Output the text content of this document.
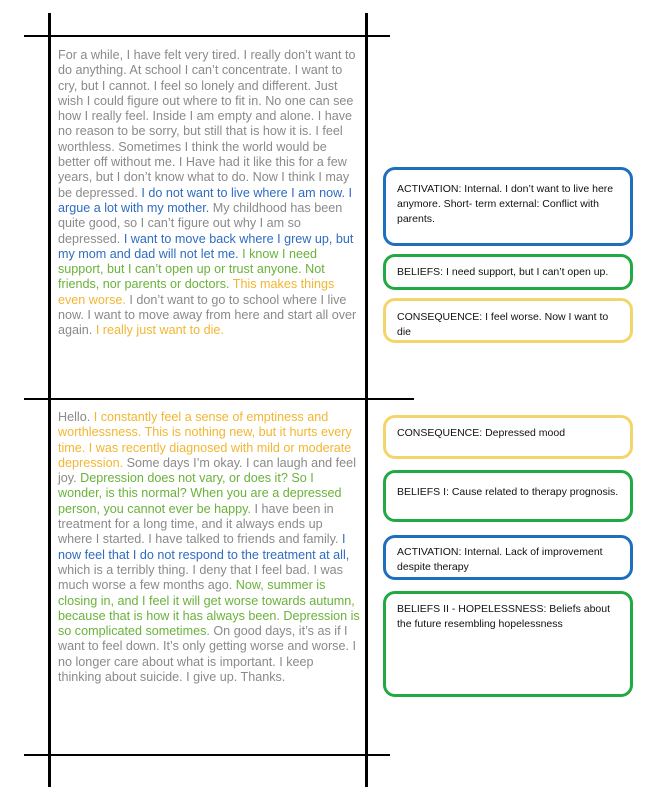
For a while, I have felt very tired. I really don’t want to do anything. At school I can’t concentrate. I want to cry, but I cannot. I feel so lonely and different. Just wish I could figure out where to fit in. No one can see how I really feel. Inside I am empty and alone. I have no reason to be sorry, but still that is how it is. I feel worthless. Sometimes I think the world would be better off without me. I Have had it like this for a few years, but I don’t know what to do. Now I think I may be depressed. I do not want to live where I am now. I argue a lot with my mother. My childhood has been quite good, so I can’t figure out why I am so depressed. I want to move back where I grew up, but my mom and dad will not let me. I know I need support, but I can’t open up or trust anyone. Not friends, nor parents or doctors. This makes things even worse. I don’t want to go to school where I live now. I want to move away from here and start all over again. I really just want to die.

Hello. I constantly feel a sense of emptiness and worthlessness. This is nothing new, but it hurts every time. I was recently diagnosed with mild or moderate depression. Some days I’m okay. I can laugh and feel joy. Depression does not vary, or does it? So I wonder, is this normal? When you are a depressed person, you cannot ever be happy. I have been in treatment for a long time, and it always ends up where I started. I have talked to friends and family. I now feel that I do not respond to the treatment at all, which is a terribly thing. I deny that I feel bad. I was much worse a few months ago. Now, summer is closing in, and I feel it will get worse towards autumn, because that is how it has always been. Depression is so complicated sometimes. On good days, it’s as if I want to feel down. It’s only getting worse and worse. I no longer care about what is important. I keep thinking about suicide. I give up. Thanks.

ACTIVATION: Internal. I don’t want to live here anymore. Short- term external: Conflict with parents.
BELIEFS: I need support, but I can’t open up.
CONSEQUENCE: I feel worse. Now I want to die
CONSEQUENCE: Depressed mood
BELIEFS I: Cause related to therapy prognosis.
ACTIVATION: Internal. Lack of improvement despite therapy
BELIEFS II - HOPELESSNESS: Beliefs about the future resembling hopelessness
